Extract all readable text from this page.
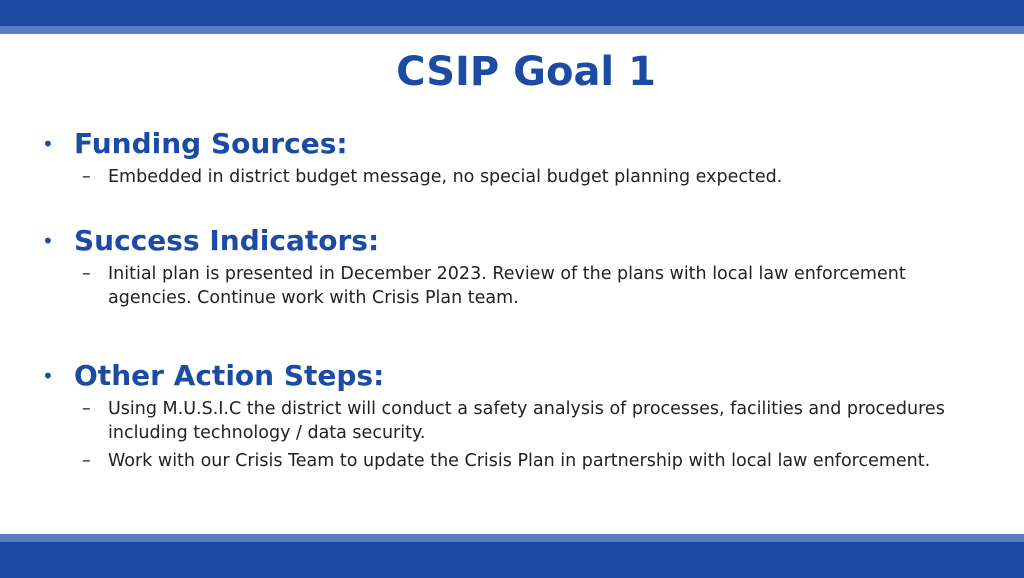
CSIP Goal 1
• Funding Sources:
– Embedded in district budget message, no special budget planning expected.
• Success Indicators:
– Initial plan is presented in December 2023. Review of the plans with local law enforcement agencies. Continue work with Crisis Plan team.
• Other Action Steps:
– Using M.U.S.I.C the district will conduct a safety analysis of processes, facilities and procedures including technology / data security.
– Work with our Crisis Team to update the Crisis Plan in partnership with local law enforcement.
